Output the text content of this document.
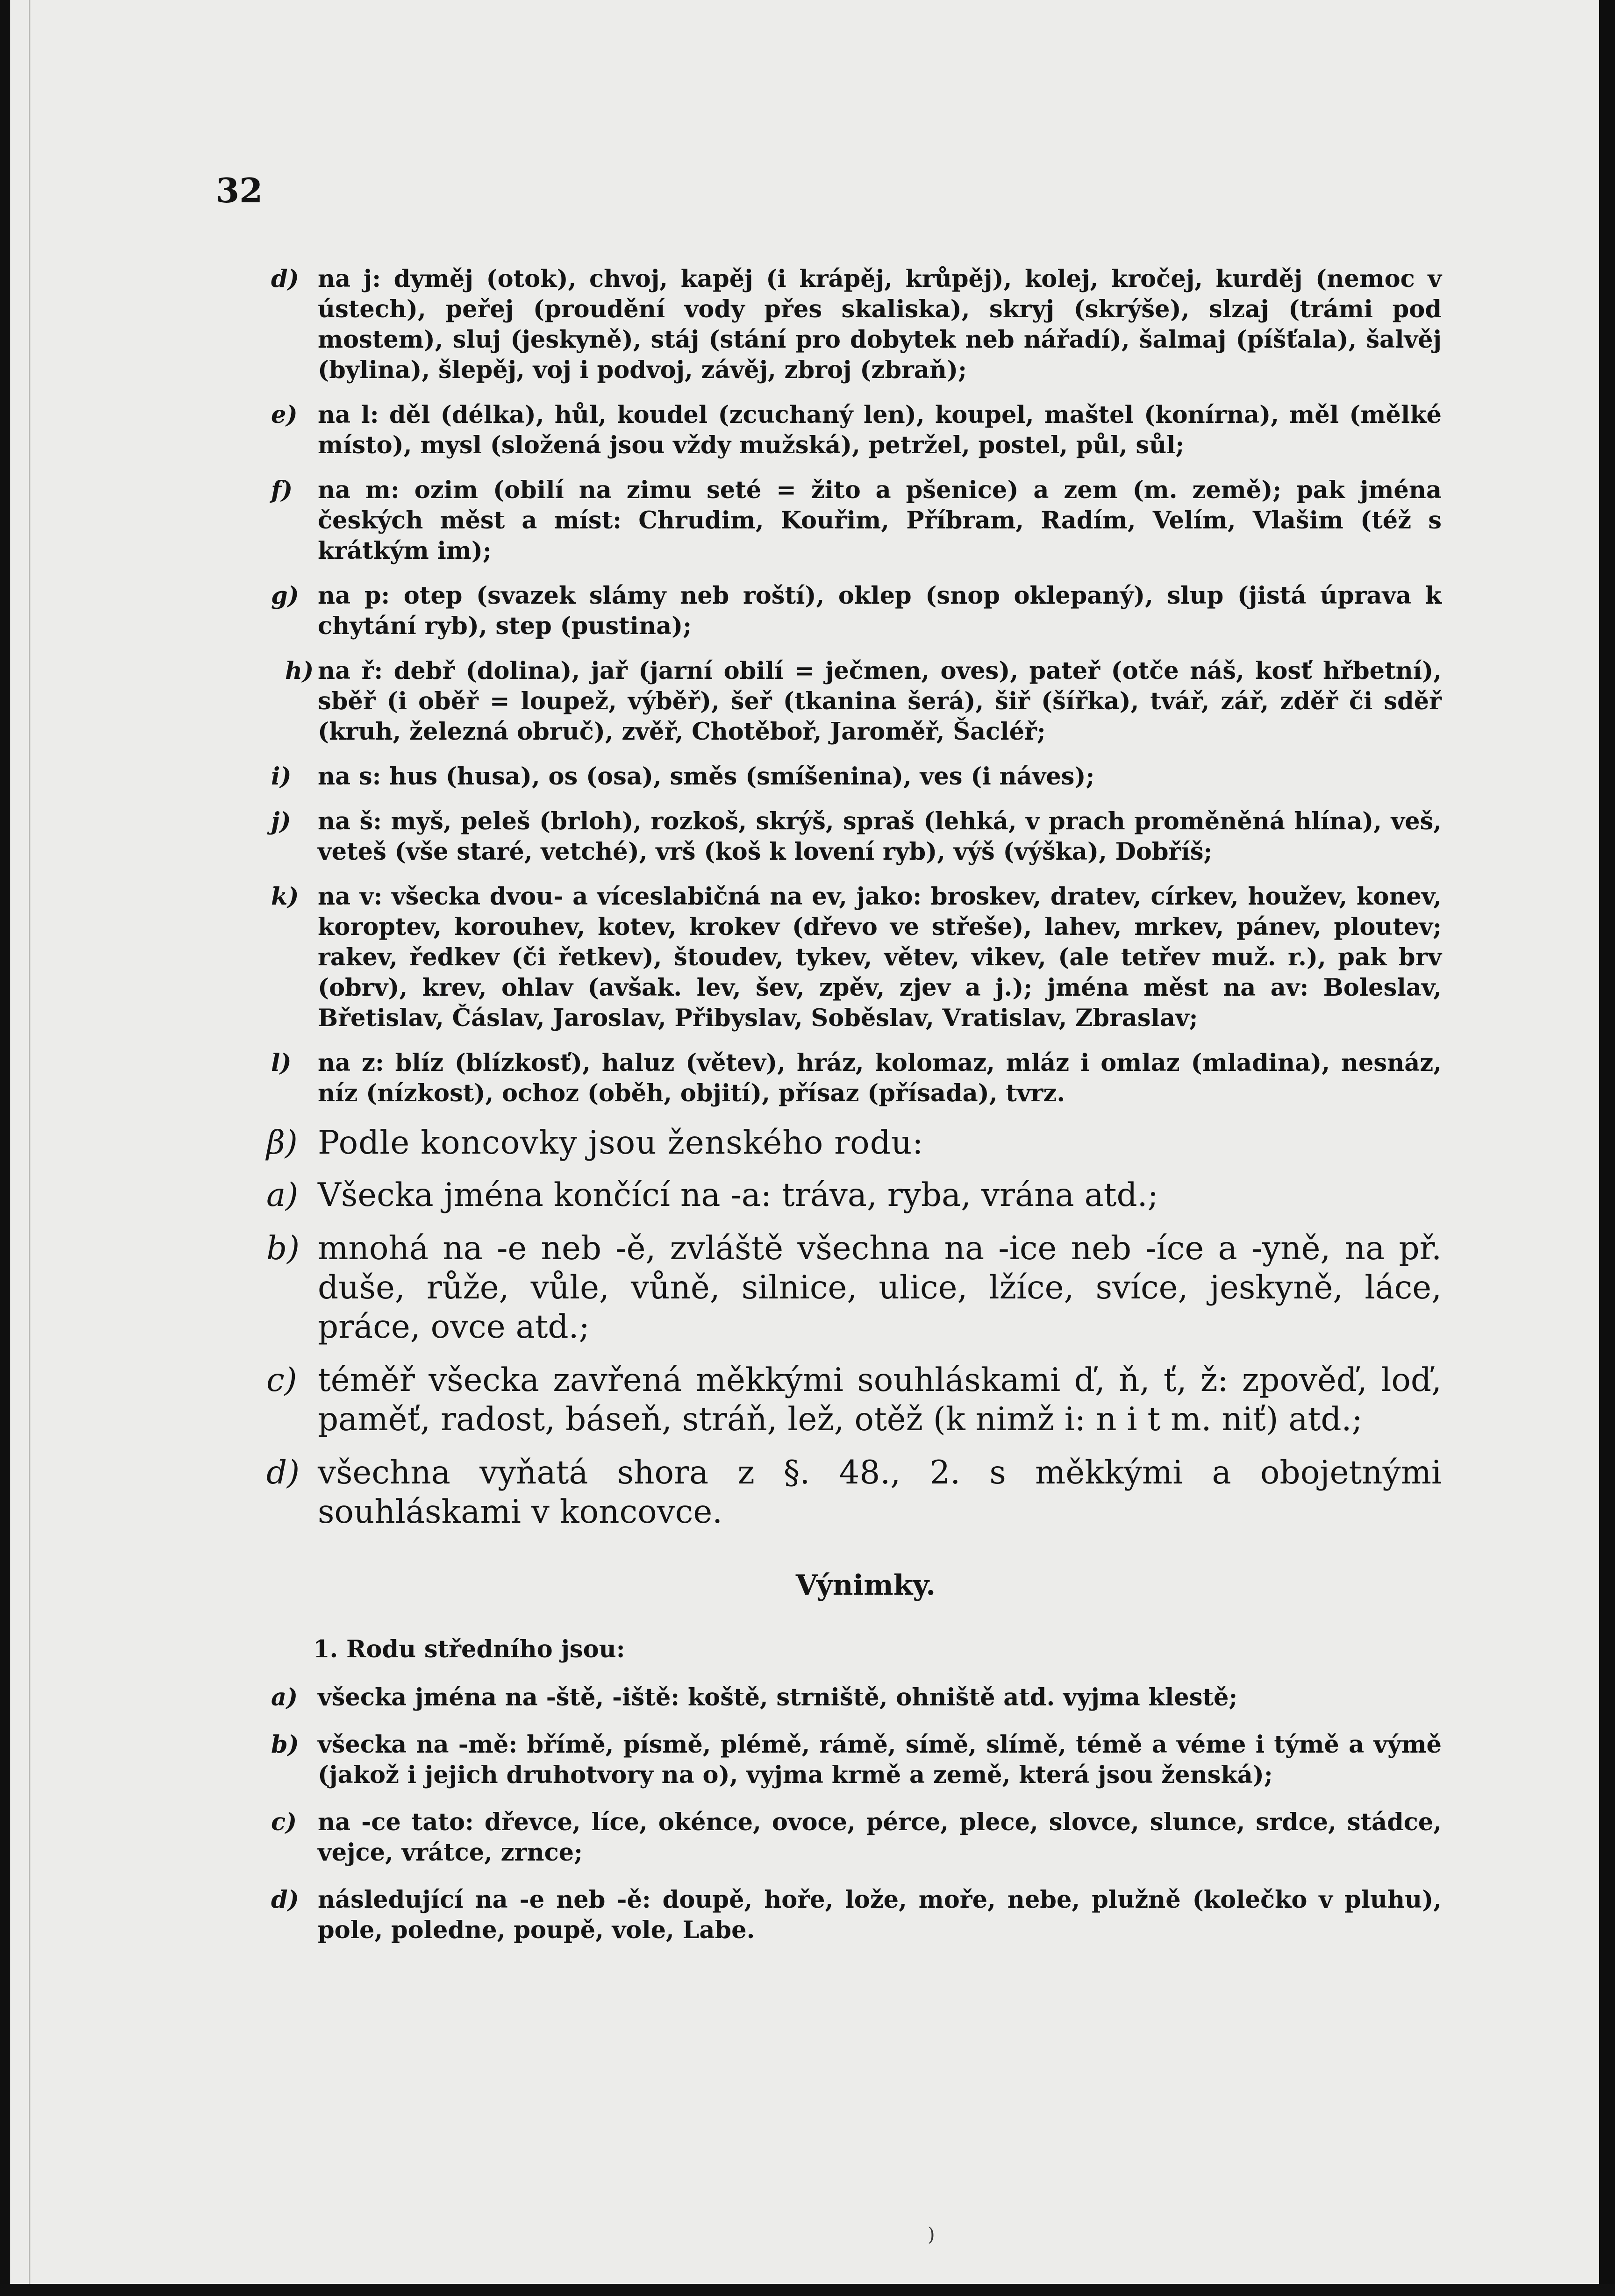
32
d) na j: dyměj (otok), chvoj, kapěj (i krápěj, krůpěj), kolej, kročej, kurděj (nemoc v ústech), peřej (proudění vody přes skaliska), skryj (skrýše), slzaj (trámi pod mostem), sluj (jeskyně), stáj (stání pro dobytek neb nářadí), šalmaj (píšťala), šalvěj (bylina), šlepěj, voj i podvoj, závěj, zbroj (zbraň);
e) na l: děl (délka), hůl, koudel (zcuchaný len), koupel, maštel (konírna), měl (mělké místo), mysl (složená jsou vždy mužská), petržel, postel, půl, sůl;
f) na m: ozim (obilí na zimu seté = žito a pšenice) a zem (m. země); pak jména českých měst a míst: Chrudim, Kouřim, Příbram, Radím, Velím, Vlašim (též s krátkým im);
g) na p: otep (svazek slámy neb roští), oklep (snop oklepaný), slup (jistá úprava k chytání ryb), step (pustina);
h) na ř: debř (dolina), jař (jarní obilí = ječmen, oves), pateř (otče náš, kosť hřbetní), sběř (i oběř = loupež, výběř), šeř (tkanina šerá), šiř (šířka), tvář, zář, zděř či sděř (kruh, železná obruč), zvěř, Chotěboř, Jaroměř, Šacléř;
i) na s: hus (husa), os (osa), směs (smíšenina), ves (i náves);
j) na š: myš, peleš (brloh), rozkoš, skrýš, spraš (lehká, v prach proměněná hlína), veš, veteš (vše staré, vetché), vrš (koš k lovení ryb), výš (výška), Dobříš;
k) na v: všecka dvou- a víceslabičná na ev, jako: broskev, dratev, církev, houžev, konev, koroptev, korouhev, kotev, krokev (dřevo ve střeše), lahev, mrkev, pánev, ploutev; rakev, ředkev (či řetkev), štoudev, tykev, větev, vikev, (ale tetřev muž. r.), pak brv (obrv), krev, ohlav (avšak. lev, šev, zpěv, zjev a j.); jména měst na av: Boleslav, Břetislav, Čáslav, Jaroslav, Přibyslav, Soběslav, Vratislav, Zbraslav;
l) na z: blíz (blízkosť), haluz (větev), hráz, kolomaz, mláz i omlaz (mladina), nesnáz, níz (nízkost), ochoz (oběh, objití), přísaz (přísada), tvrz.
β) Podle koncovky jsou ženského rodu:
a) Všecka jména končící na -a: tráva, ryba, vrána atd.;
b) mnohá na -e neb -ě, zvláště všechna na -ice neb -íce a -yně, na př. duše, růže, vůle, vůně, silnice, ulice, lžíce, svíce, jeskyně, láce, práce, ovce atd.;
c) téměř všecka zavřená měkkými souhláskami ď, ň, ť, ž: zpověď, loď, paměť, radost, báseň, stráň, lež, otěž (k nimž i: n i t m. niť) atd.;
d) všechna vyňatá shora z §. 48., 2. s měkkými a obojetnými souhláskami v koncovce.
Výnimky.
1. Rodu středního jsou:
a) všecka jména na -ště, -iště: koště, strniště, ohniště atd. vyjma klestě;
b) všecka na -mě: břímě, písmě, plémě, rámě, símě, slímě, témě a véme i týmě a výmě (jakož i jejich druhotvory na o), vyjma krmě a země, která jsou ženská);
c) na -ce tato: dřevce, líce, okénce, ovoce, pérce, plece, slovce, slunce, srdce, stádce, vejce, vrátce, zrnce;
d) následující na -e neb -ě: doupě, hoře, lože, moře, nebe, plužně (kolečko v pluhu), pole, poledne, poupě, vole, Labe.
)
